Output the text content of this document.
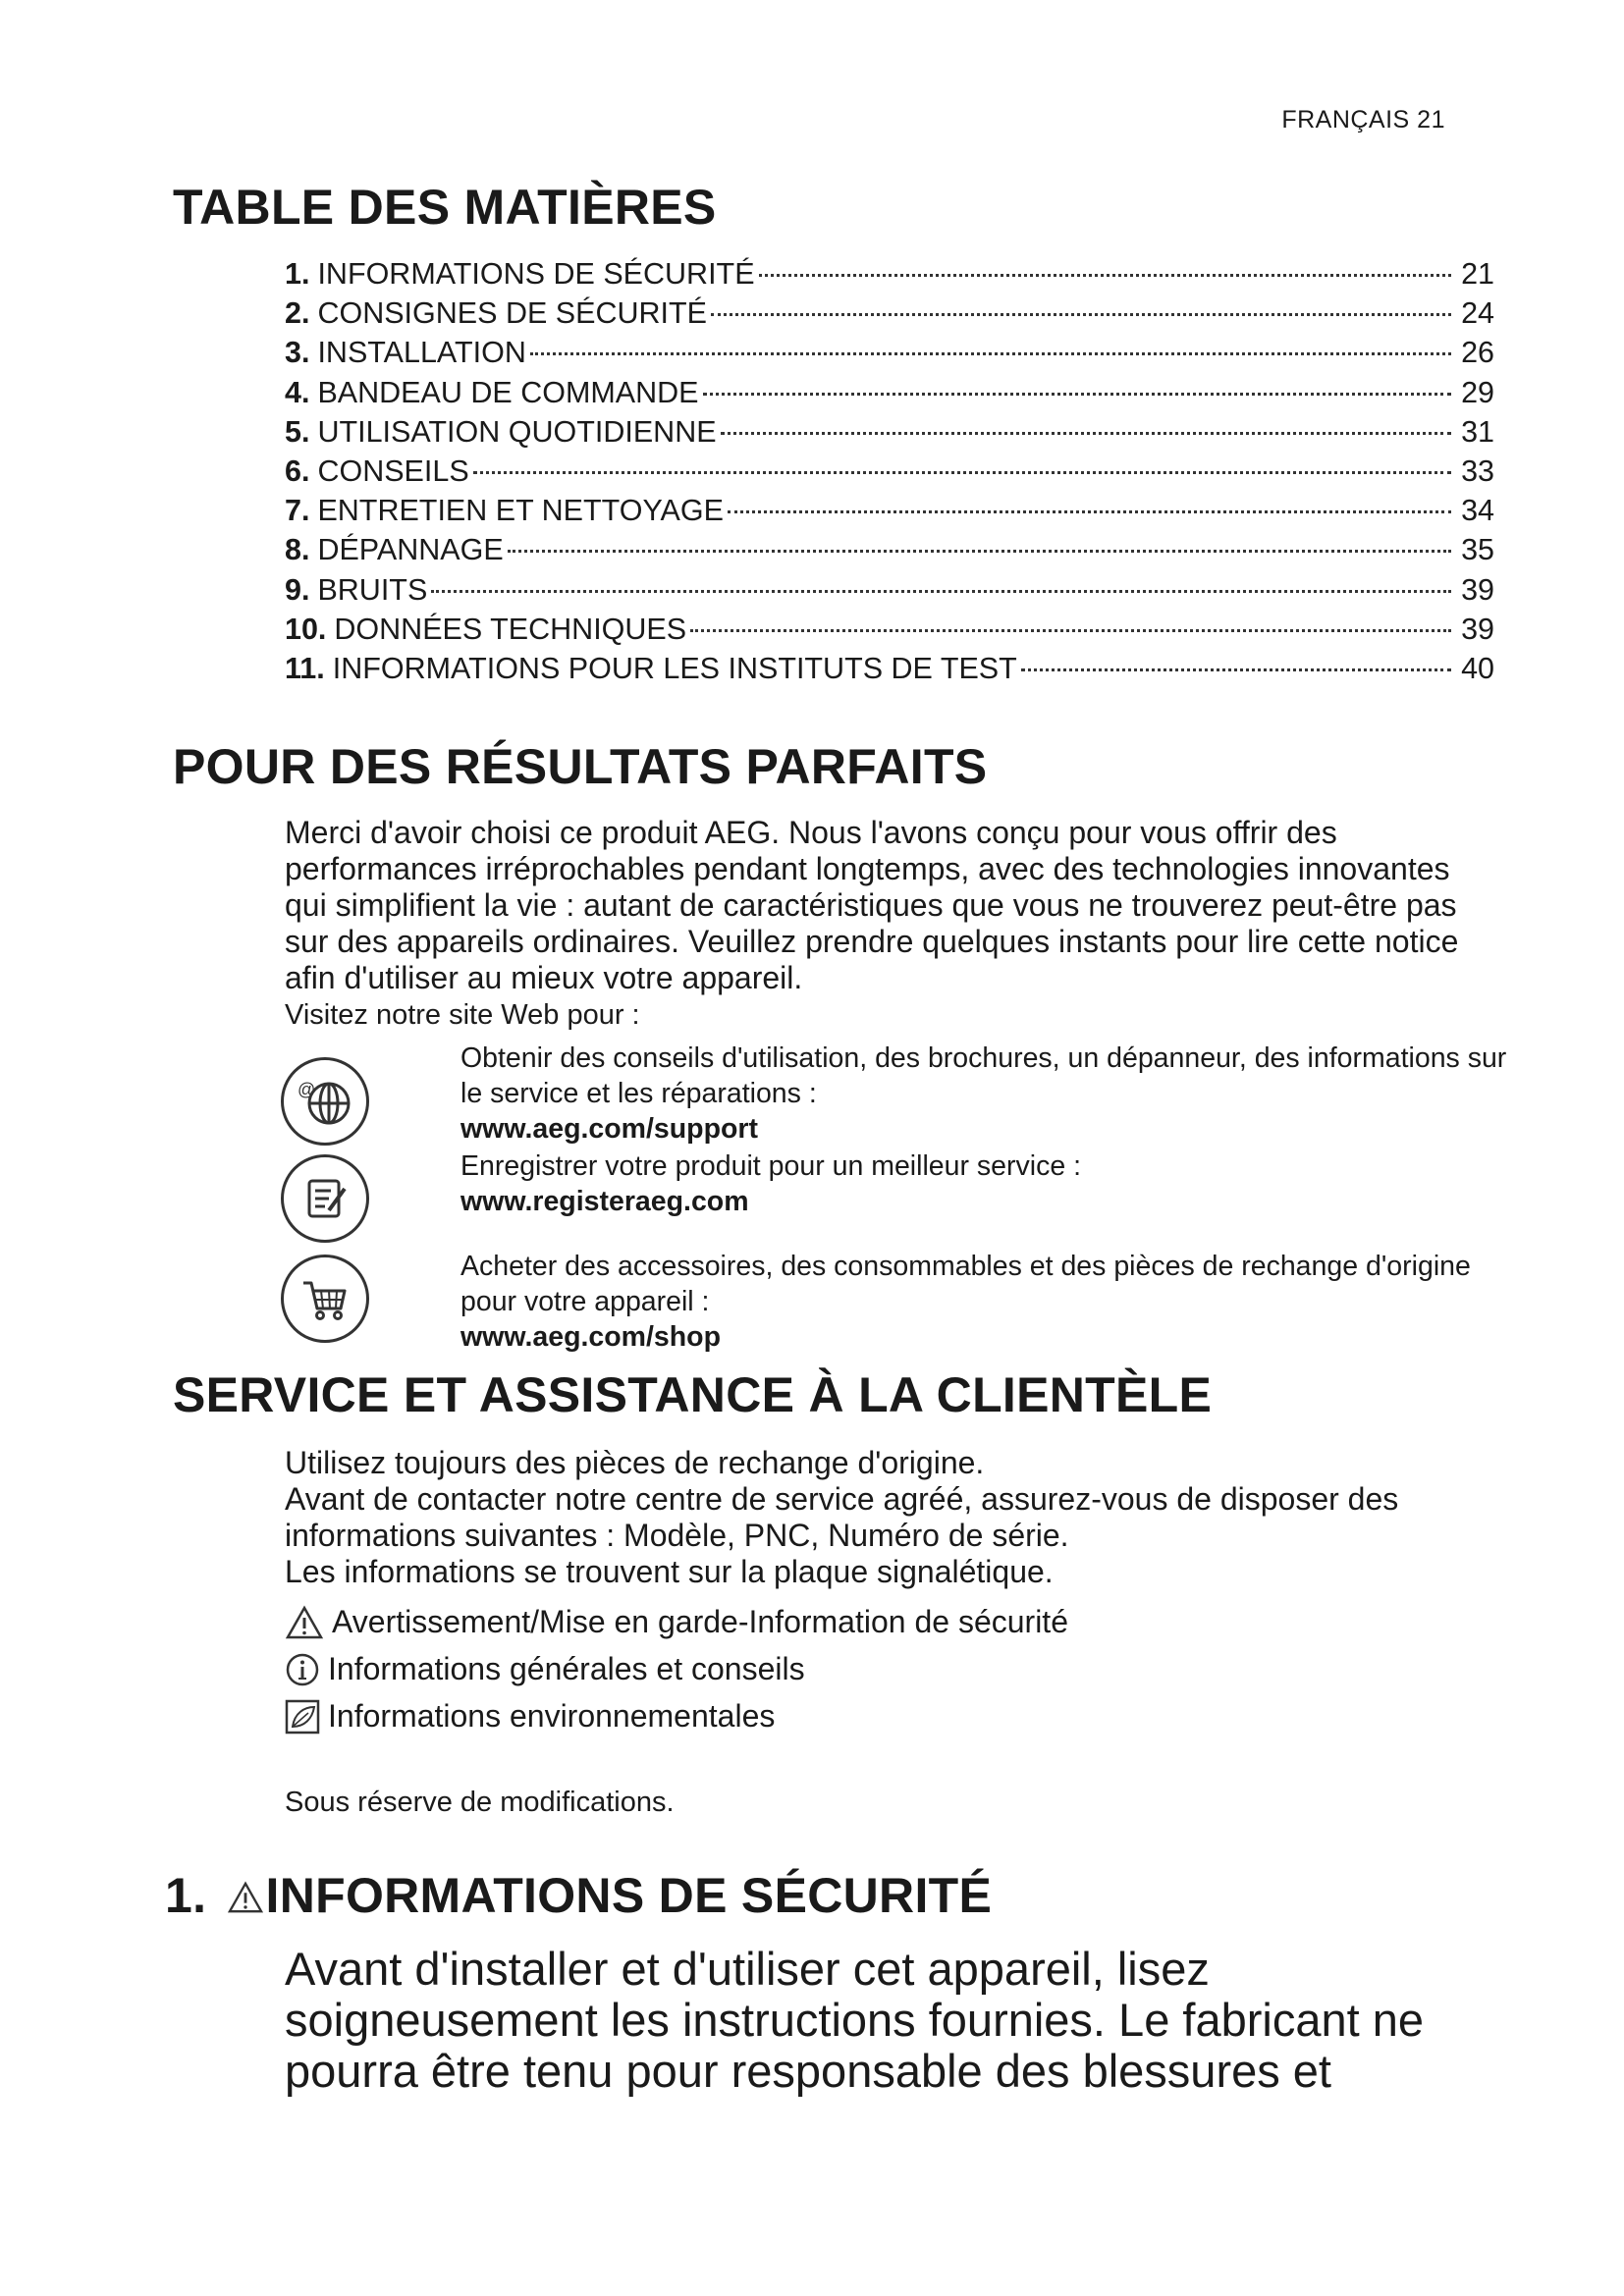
FRANÇAIS 21
TABLE DES MATIÈRES
1. INFORMATIONS DE SÉCURITÉ	21
2. CONSIGNES DE SÉCURITÉ	24
3. INSTALLATION	26
4. BANDEAU DE COMMANDE	29
5. UTILISATION QUOTIDIENNE	31
6. CONSEILS	33
7. ENTRETIEN ET NETTOYAGE	34
8. DÉPANNAGE	35
9. BRUITS	39
10. DONNÉES TECHNIQUES	39
11. INFORMATIONS POUR LES INSTITUTS DE TEST	40
POUR DES RÉSULTATS PARFAITS
Merci d'avoir choisi ce produit AEG. Nous l'avons conçu pour vous offrir des performances irréprochables pendant longtemps, avec des technologies innovantes qui simplifient la vie : autant de caractéristiques que vous ne trouverez peut-être pas sur des appareils ordinaires. Veuillez prendre quelques instants pour lire cette notice afin d'utiliser au mieux votre appareil.
Visitez notre site Web pour :
@
Obtenir des conseils d'utilisation, des brochures, un dépanneur, des informations sur le service et les réparations :
www.aeg.com/support
Enregistrer votre produit pour un meilleur service :
www.registeraeg.com
Acheter des accessoires, des consommables et des pièces de rechange d'origine pour votre appareil :
www.aeg.com/shop
SERVICE ET ASSISTANCE À LA CLIENTÈLE
Utilisez toujours des pièces de rechange d'origine.
Avant de contacter notre centre de service agréé, assurez-vous de disposer des informations suivantes : Modèle, PNC, Numéro de série.
Les informations se trouvent sur la plaque signalétique.
Avertissement/Mise en garde-Information de sécurité
Informations générales et conseils
Informations environnementales
Sous réserve de modifications.
1. INFORMATIONS DE SÉCURITÉ
Avant d'installer et d'utiliser cet appareil, lisez soigneusement les instructions fournies. Le fabricant ne pourra être tenu pour responsable des blessures et
